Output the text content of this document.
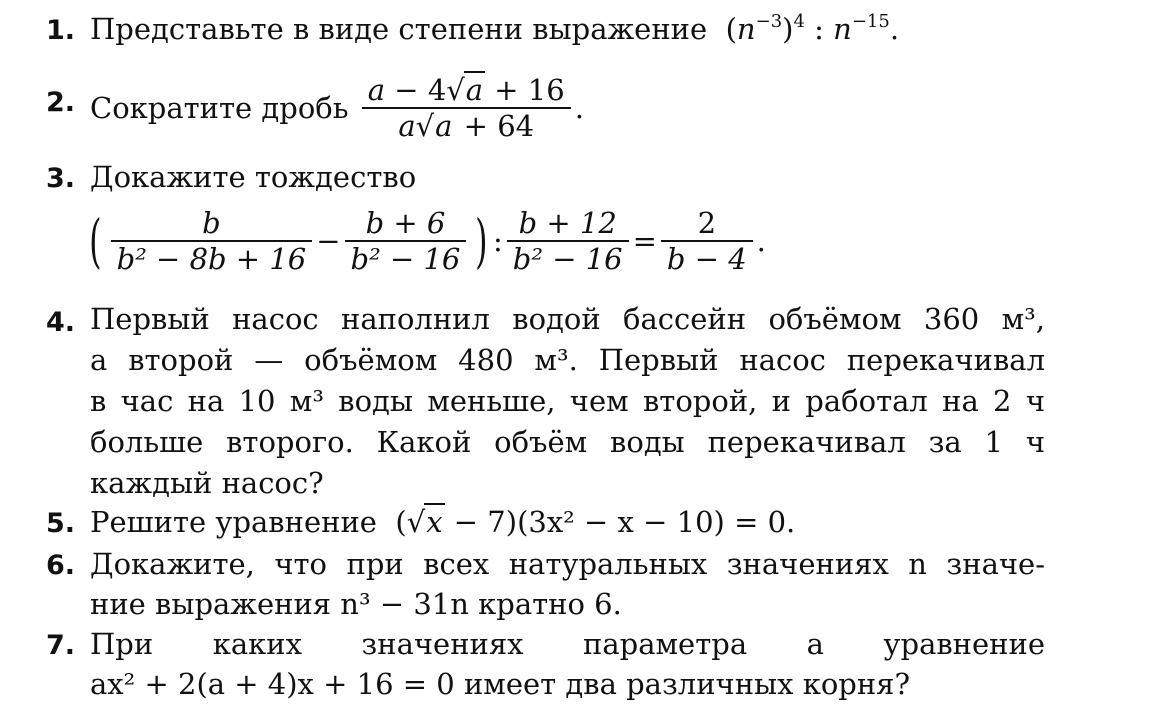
1. Представьте в виде степени выражение $(n^{-3})^4$ : $n^{-15}$.
2. Сократите дробь $\frac{a - 4√a + 16}{a√a + 64}$ .
3. Докажите тождество
( $\frac{b}{\text{b² − 8b + 16}} - \frac{b + 6}{\text{b² − 16}}$ ) : $\frac{b + 12}{\text{b² − 16}} = \frac{2}{b - 4}$ .
4. Первый насос наполнил водой бассейн объёмом 360 м³,
а второй — объёмом 480 м³. Первый насос перекачивал
в час на 10 м³ воды меньше, чем второй, и работал на 2 ч
больше второго. Какой объём воды перекачивал за 1 ч
каждый насос?
5. Решите уравнение  (√x − 7)(3x² − x − 10) = 0.
6. Докажите, что при всех натуральных значениях n значе-
ние выражения n³ − 31n кратно 6.
7. При каких значениях параметра a уравнение
ax² + 2(a + 4)x + 16 = 0 имеет два различных корня?
